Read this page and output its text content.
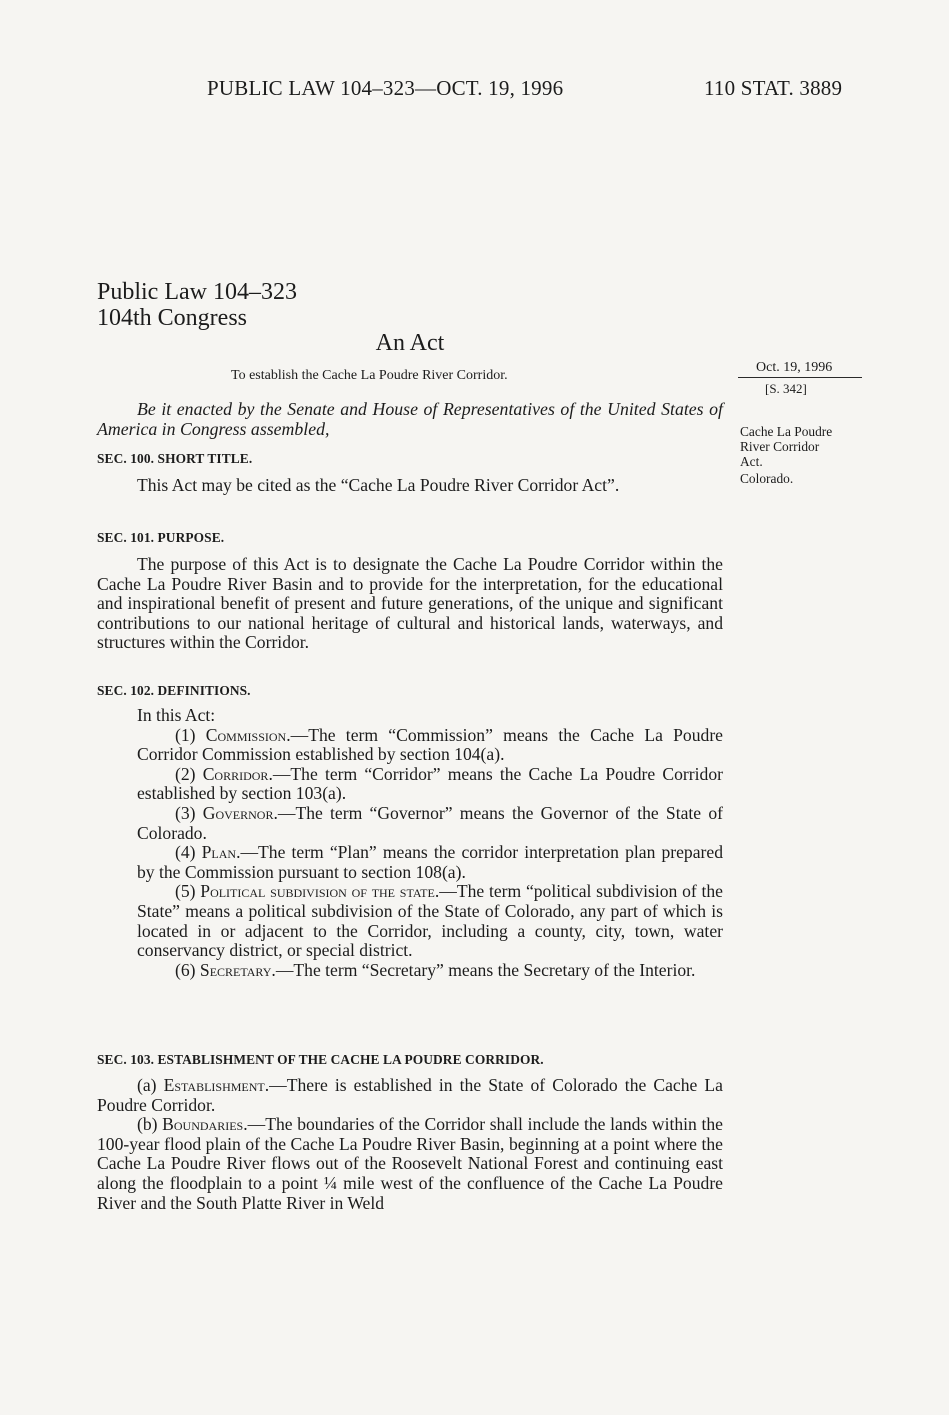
PUBLIC LAW 104–323—OCT. 19, 1996	110 STAT. 3889
Public Law 104–323
104th Congress
An Act
To establish the Cache La Poudre River Corridor.
Oct. 19, 1996
[S. 342]
Cache La Poudre
River Corridor
Act.
Colorado.

Be it enacted by the Senate and House of Representatives of the United States of America in Congress assembled,

SEC. 100. SHORT TITLE.

This Act may be cited as the “Cache La Poudre River Corridor Act”.

SEC. 101. PURPOSE.

The purpose of this Act is to designate the Cache La Poudre Corridor within the Cache La Poudre River Basin and to provide for the interpretation, for the educational and inspirational benefit of present and future generations, of the unique and significant contributions to our national heritage of cultural and historical lands, waterways, and structures within the Corridor.

SEC. 102. DEFINITIONS.

In this Act:

(1) Commission.—The term “Commission” means the Cache La Poudre Corridor Commission established by section 104(a).

(2) Corridor.—The term “Corridor” means the Cache La Poudre Corridor established by section 103(a).

(3) Governor.—The term “Governor” means the Governor of the State of Colorado.

(4) Plan.—The term “Plan” means the corridor interpretation plan prepared by the Commission pursuant to section 108(a).

(5) Political subdivision of the state.—The term “political subdivision of the State” means a political subdivision of the State of Colorado, any part of which is located in or adjacent to the Corridor, including a county, city, town, water conservancy district, or special district.

(6) Secretary.—The term “Secretary” means the Secretary of the Interior.

SEC. 103. ESTABLISHMENT OF THE CACHE LA POUDRE CORRIDOR.

(a) Establishment.—There is established in the State of Colorado the Cache La Poudre Corridor.

(b) Boundaries.—The boundaries of the Corridor shall include the lands within the 100-year flood plain of the Cache La Poudre River Basin, beginning at a point where the Cache La Poudre River flows out of the Roosevelt National Forest and continuing east along the floodplain to a point ¼ mile west of the confluence of the Cache La Poudre River and the South Platte River in Weld
